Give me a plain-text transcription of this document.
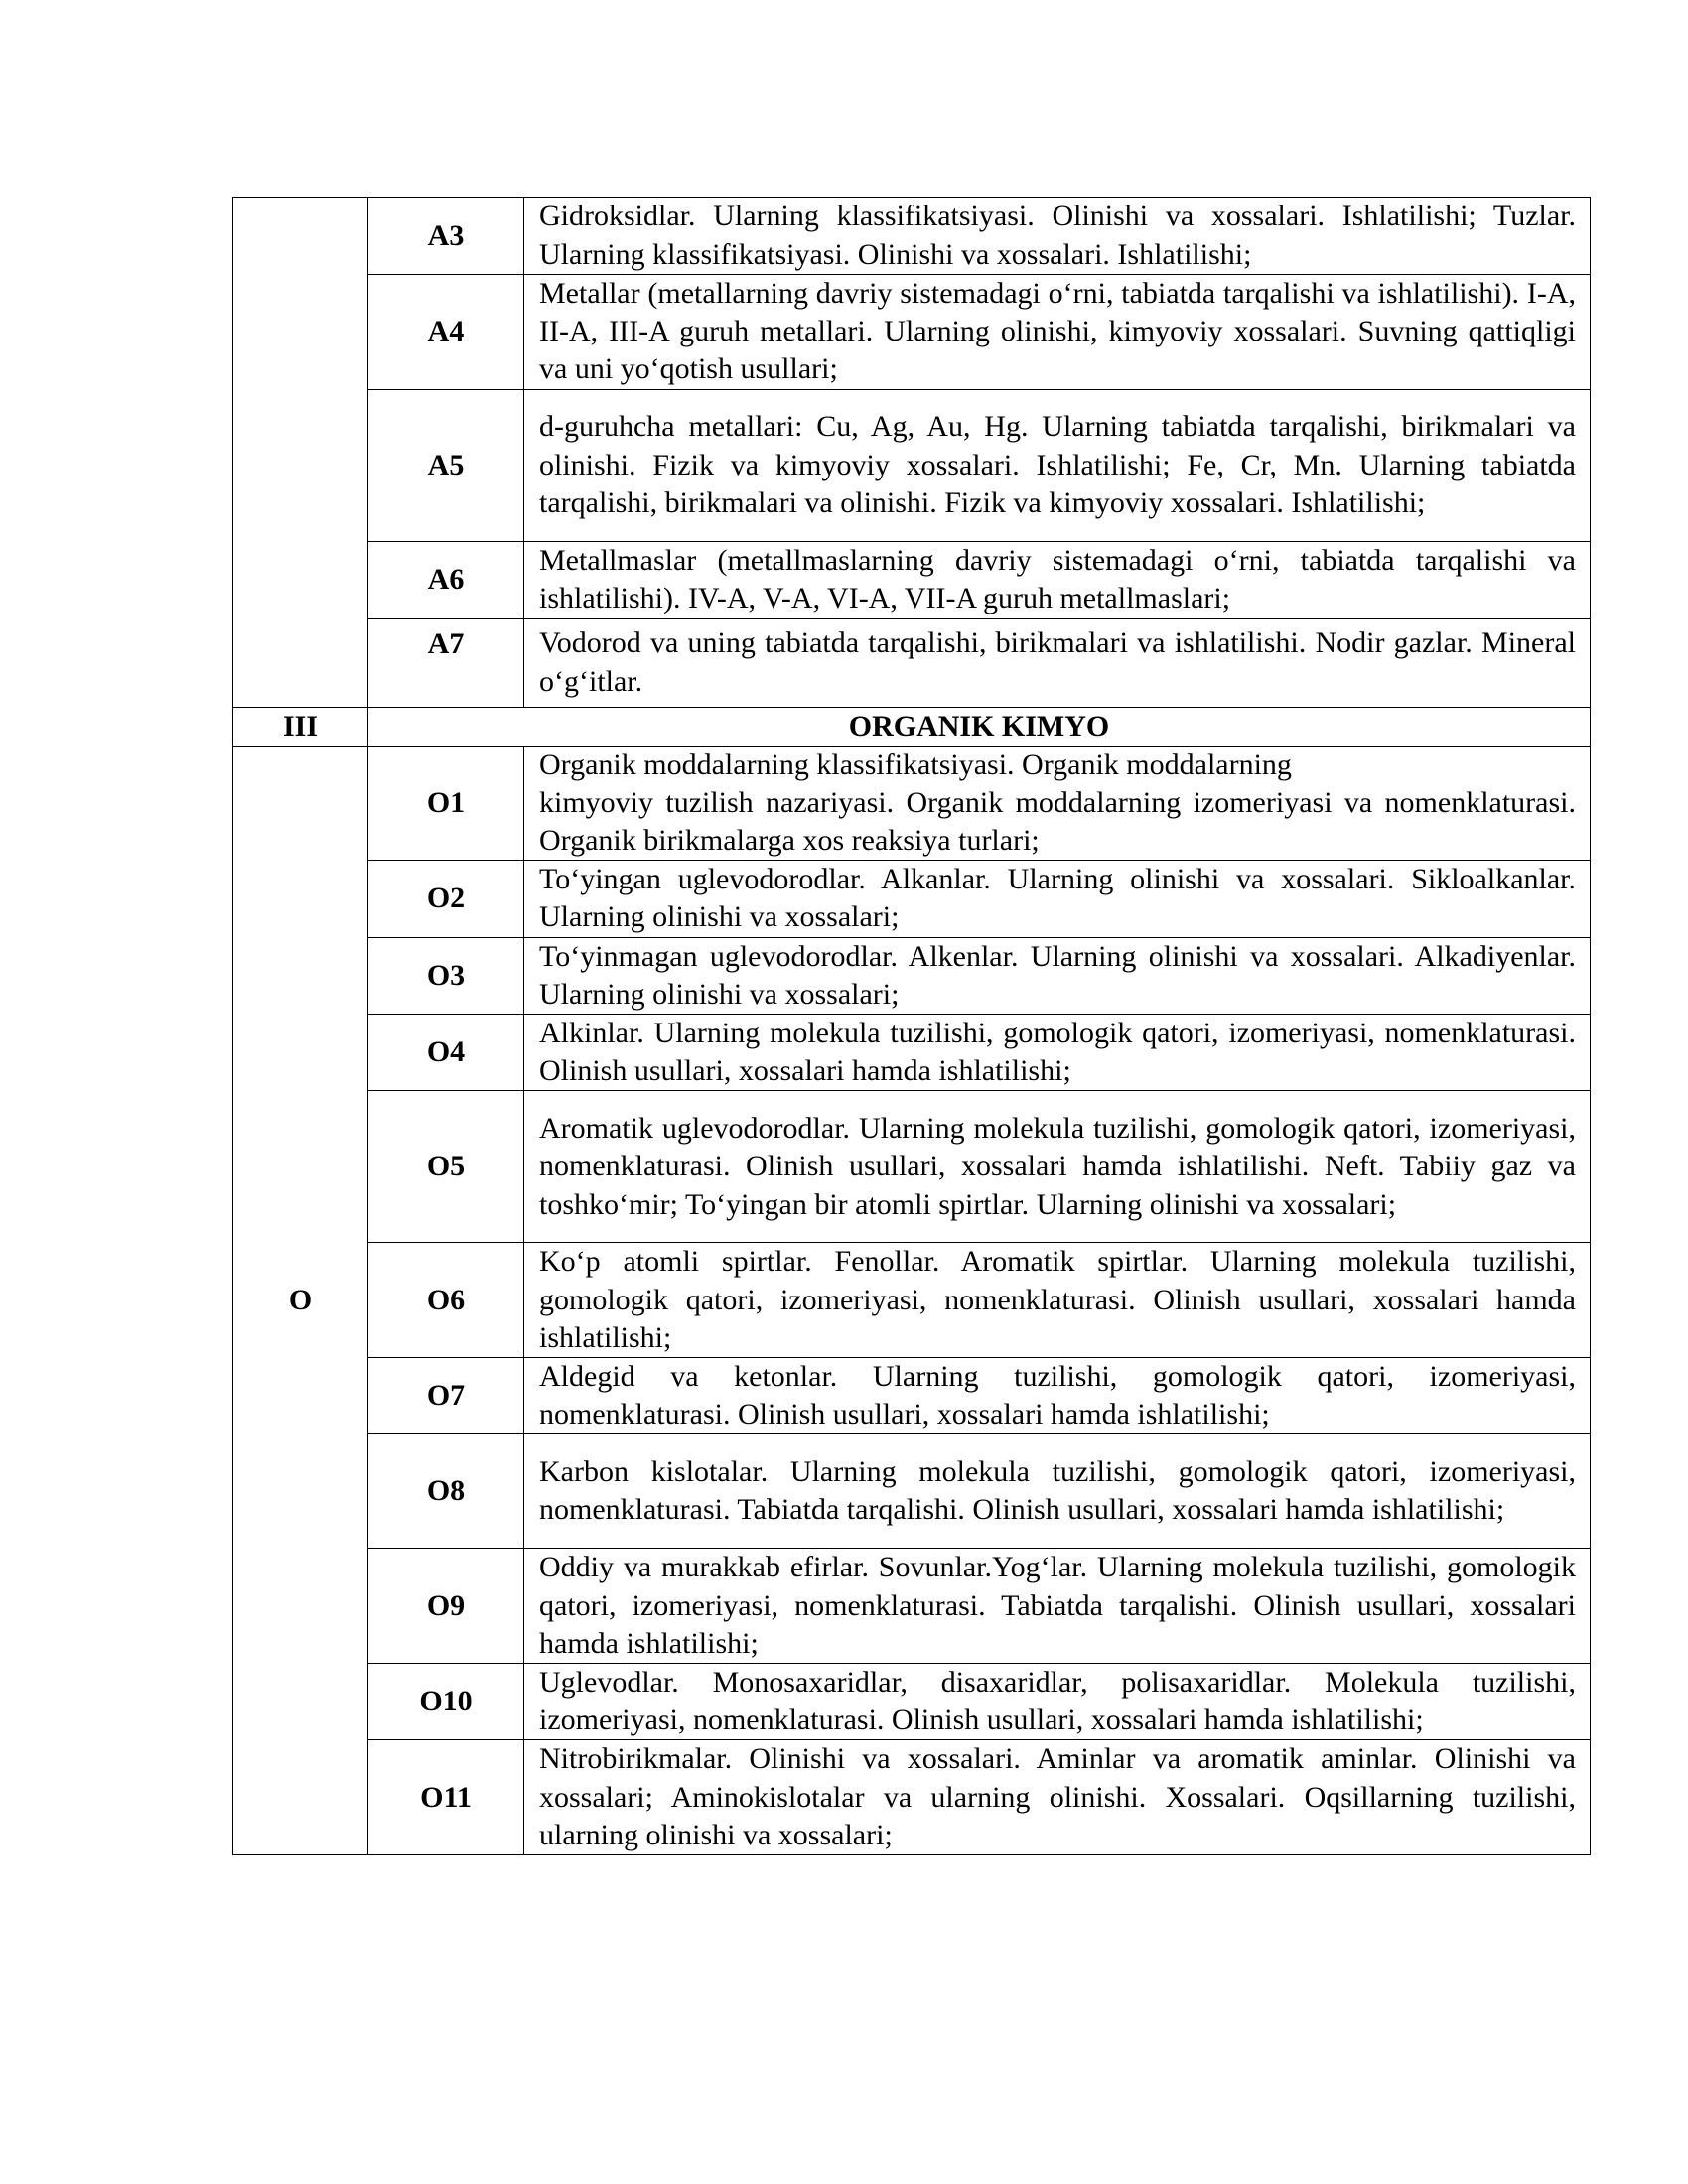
	A3	Gidroksidlar. Ularning klassifikatsiyasi. Olinishi va xossalari. Ishlatilishi; Tuzlar. Ularning klassifikatsiyasi. Olinishi va xossalari. Ishlatilishi;
	A4	Metallar (metallarning davriy sistemadagi o‘rni, tabiatda tarqalishi va ishlatilishi). I-A, II-A, III-A guruh metallari. Ularning olinishi, kimyoviy xossalari. Suvning qattiqligi va uni yo‘qotish usullari;
	A5	d-guruhcha metallari: Cu, Ag, Au, Hg. Ularning tabiatda tarqalishi, birikmalari va olinishi. Fizik va kimyoviy xossalari. Ishlatilishi; Fe, Cr, Mn. Ularning tabiatda tarqalishi, birikmalari va olinishi. Fizik va kimyoviy xossalari. Ishlatilishi;
	A6	Metallmaslar (metallmaslarning davriy sistemadagi o‘rni, tabiatda tarqalishi va ishlatilishi). IV-A, V-A, VI-A, VII-A guruh metallmaslari;
	A7	Vodorod va uning tabiatda tarqalishi, birikmalari va ishlatilishi. Nodir gazlar. Mineral o‘g‘itlar.
III	ORGANIK KIMYO	
O	O1	Organik moddalarning klassifikatsiyasi. Organik moddalarning
kimyoviy tuzilish nazariyasi. Organik moddalarning izomeriyasi va nomenklaturasi. Organik birikmalarga xos reaksiya turlari;
	O2	To‘yingan uglevodorodlar. Alkanlar. Ularning olinishi va xossalari. Sikloalkanlar. Ularning olinishi va xossalari;
	O3	To‘yinmagan uglevodorodlar. Alkenlar. Ularning olinishi va xossalari. Alkadiyenlar. Ularning olinishi va xossalari;
	O4	Alkinlar. Ularning molekula tuzilishi, gomologik qatori, izomeriyasi, nomenklaturasi. Olinish usullari, xossalari hamda ishlatilishi;
	O5	Aromatik uglevodorodlar. Ularning molekula tuzilishi, gomologik qatori, izomeriyasi, nomenklaturasi. Olinish usullari, xossalari hamda ishlatilishi. Neft. Tabiiy gaz va toshko‘mir; To‘yingan bir atomli spirtlar. Ularning olinishi va xossalari;
	O6	Ko‘p atomli spirtlar. Fenollar. Aromatik spirtlar. Ularning molekula tuzilishi, gomologik qatori, izomeriyasi, nomenklaturasi. Olinish usullari, xossalari hamda ishlatilishi;
	O7	Aldegid va ketonlar. Ularning tuzilishi, gomologik qatori, izomeriyasi, nomenklaturasi. Olinish usullari, xossalari hamda ishlatilishi;
	O8	Karbon kislotalar. Ularning molekula tuzilishi, gomologik qatori, izomeriyasi, nomenklaturasi. Tabiatda tarqalishi. Olinish usullari, xossalari hamda ishlatilishi;
	O9	Oddiy va murakkab efirlar. Sovunlar.Yog‘lar. Ularning molekula tuzilishi, gomologik qatori, izomeriyasi, nomenklaturasi. Tabiatda tarqalishi. Olinish usullari, xossalari hamda ishlatilishi;
	O10	Uglevodlar. Monosaxaridlar, disaxaridlar, polisaxaridlar. Molekula tuzilishi, izomeriyasi, nomenklaturasi. Olinish usullari, xossalari hamda ishlatilishi;
	O11	Nitrobirikmalar. Olinishi va xossalari. Aminlar va aromatik aminlar. Olinishi va xossalari; Aminokislotalar va ularning olinishi. Xossalari. Oqsillarning tuzilishi, ularning olinishi va xossalari;
